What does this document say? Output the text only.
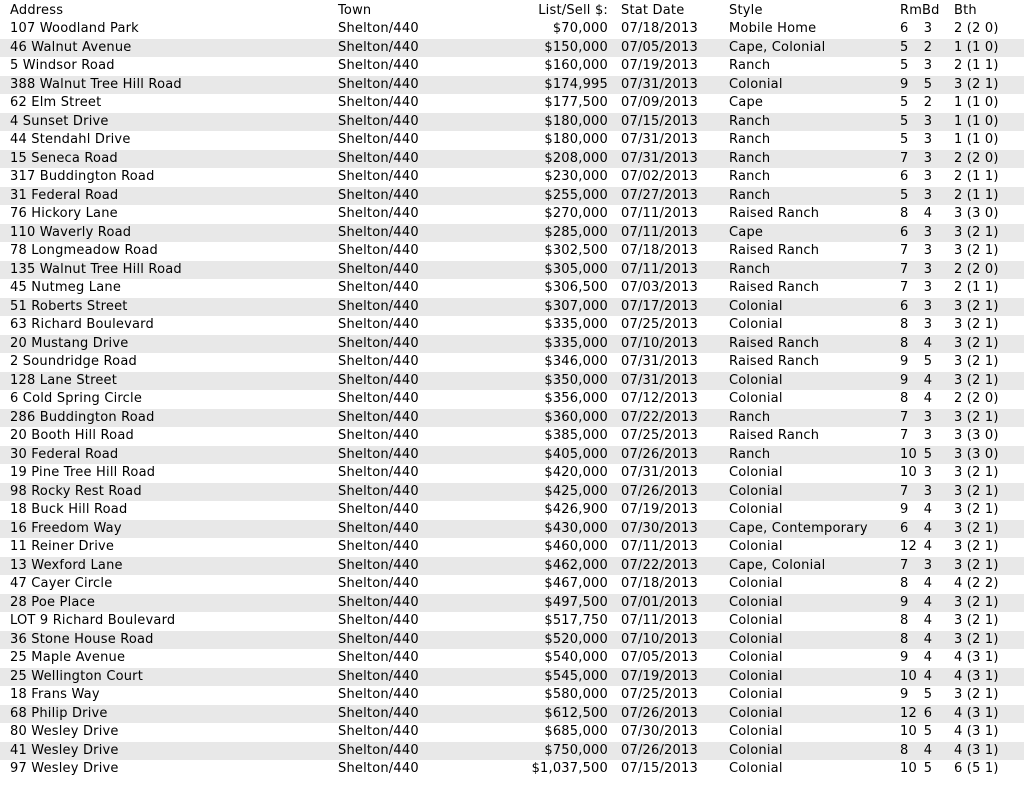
Address	Town	List/Sell $: Stat Date	Style	Rm Bd Bth
107 Woodland Park	Shelton/440	$70,000 07/18/2013 Mobile Home	6	3 2 (2 0)
46 Walnut Avenue	Shelton/440	$150,000 07/05/2013 Cape, Colonial	5	2 1 (1 0)
5 Windsor Road	Shelton/440	$160,000 07/19/2013 Ranch	5	3 2 (1 1)
388 Walnut Tree Hill Road	Shelton/440	$174,995 07/31/2013 Colonial	9	5 3 (2 1)
62 Elm Street	Shelton/440	$177,500 07/09/2013 Cape	5	2 1 (1 0)
4 Sunset Drive	Shelton/440	$180,000 07/15/2013 Ranch	5	3 1 (1 0)
44 Stendahl Drive	Shelton/440	$180,000 07/31/2013 Ranch	5	3 1 (1 0)
15 Seneca Road	Shelton/440	$208,000 07/31/2013 Ranch	7	3 2 (2 0)
317 Buddington Road	Shelton/440	$230,000 07/02/2013 Ranch	6	3 2 (1 1)
31 Federal Road	Shelton/440	$255,000 07/27/2013 Ranch	5	3 2 (1 1)
76 Hickory Lane	Shelton/440	$270,000 07/11/2013 Raised Ranch	8	4 3 (3 0)
110 Waverly Road	Shelton/440	$285,000 07/11/2013 Cape	6	3 3 (2 1)
78 Longmeadow Road	Shelton/440	$302,500 07/18/2013 Raised Ranch	7	3 3 (2 1)
135 Walnut Tree Hill Road	Shelton/440	$305,000 07/11/2013 Ranch	7	3 2 (2 0)
45 Nutmeg Lane	Shelton/440	$306,500 07/03/2013 Raised Ranch	7	3 2 (1 1)
51 Roberts Street	Shelton/440	$307,000 07/17/2013 Colonial	6	3 3 (2 1)
63 Richard Boulevard	Shelton/440	$335,000 07/25/2013 Colonial	8	3 3 (2 1)
20 Mustang Drive	Shelton/440	$335,000 07/10/2013 Raised Ranch	8	4 3 (2 1)
2 Soundridge Road	Shelton/440	$346,000 07/31/2013 Raised Ranch	9	5 3 (2 1)
128 Lane Street	Shelton/440	$350,000 07/31/2013 Colonial	9	4 3 (2 1)
6 Cold Spring Circle	Shelton/440	$356,000 07/12/2013 Colonial	8	4 2 (2 0)
286 Buddington Road	Shelton/440	$360,000 07/22/2013 Ranch	7	3 3 (2 1)
20 Booth Hill Road	Shelton/440	$385,000 07/25/2013 Raised Ranch	7	3 3 (3 0)
30 Federal Road	Shelton/440	$405,000 07/26/2013 Ranch	10 5 3 (3 0)
19 Pine Tree Hill Road	Shelton/440	$420,000 07/31/2013 Colonial	10 3 3 (2 1)
98 Rocky Rest Road	Shelton/440	$425,000 07/26/2013 Colonial	7	3 3 (2 1)
18 Buck Hill Road	Shelton/440	$426,900 07/19/2013 Colonial	9	4 3 (2 1)
16 Freedom Way	Shelton/440	$430,000 07/30/2013 Cape, Contemporary 6	4 3 (2 1)
11 Reiner Drive	Shelton/440	$460,000 07/11/2013 Colonial	12 4 3 (2 1)
13 Wexford Lane	Shelton/440	$462,000 07/22/2013 Cape, Colonial	7	3 3 (2 1)
47 Cayer Circle	Shelton/440	$467,000 07/18/2013 Colonial	8	4 4 (2 2)
28 Poe Place	Shelton/440	$497,500 07/01/2013 Colonial	9	4 3 (2 1)
LOT 9 Richard Boulevard	Shelton/440	$517,750 07/11/2013 Colonial	8	4 3 (2 1)
36 Stone House Road	Shelton/440	$520,000 07/10/2013 Colonial	8	4 3 (2 1)
25 Maple Avenue	Shelton/440	$540,000 07/05/2013 Colonial	9	4 4 (3 1)
25 Wellington Court	Shelton/440	$545,000 07/19/2013 Colonial	10 4 4 (3 1)
18 Frans Way	Shelton/440	$580,000 07/25/2013 Colonial	9	5 3 (2 1)
68 Philip Drive	Shelton/440	$612,500 07/26/2013 Colonial	12 6 4 (3 1)
80 Wesley Drive	Shelton/440	$685,000 07/30/2013 Colonial	10 5 4 (3 1)
41 Wesley Drive	Shelton/440	$750,000 07/26/2013 Colonial	8	4 4 (3 1)
97 Wesley Drive	Shelton/440	$1,037,500 07/15/2013 Colonial	10 5 6 (5 1)
